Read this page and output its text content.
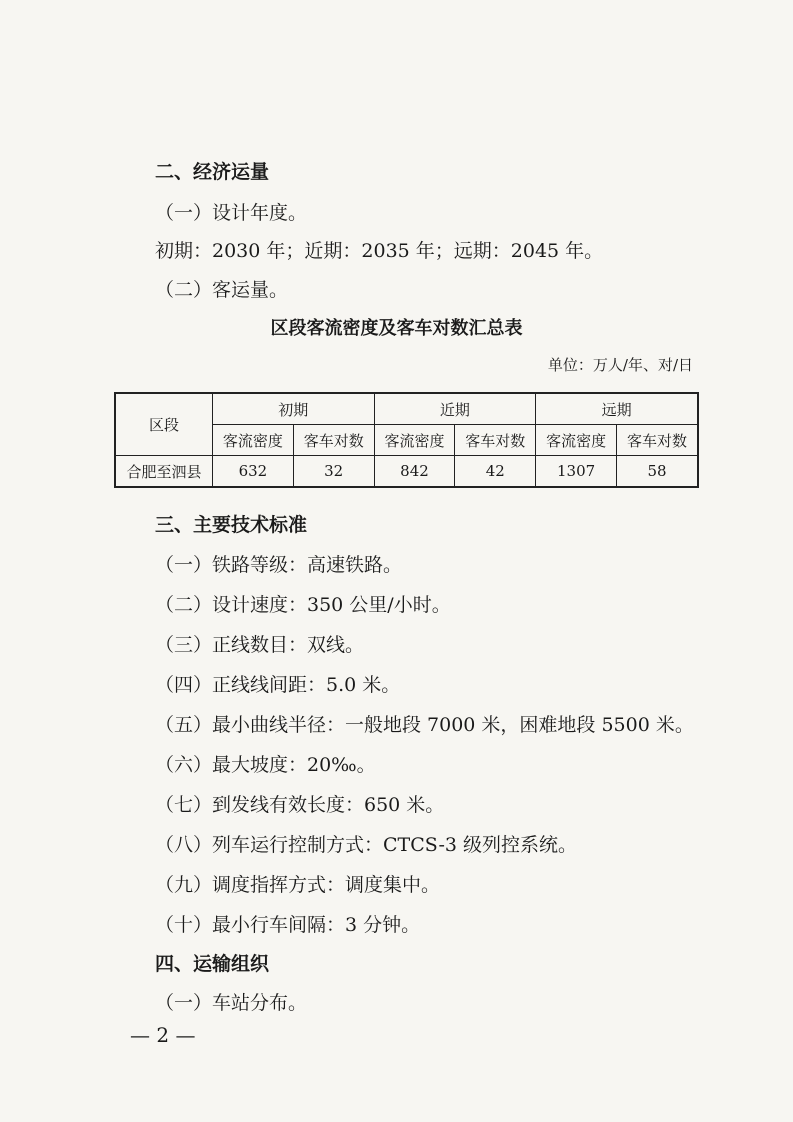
二、经济运量
（一）设计年度。
初期：2030 年；近期：2035 年；远期：2045 年。
（二）客运量。
区段客流密度及客车对数汇总表
单位：万人/年、对/日
区段	初期		近期		远期	
	客流密度	客车对数	客流密度	客车对数	客流密度	客车对数
合肥至泗县	632	32	842	42	1307	58
三、主要技术标准
（一）铁路等级：高速铁路。
（二）设计速度：350 公里/小时。
（三）正线数目：双线。
（四）正线线间距：5.0 米。
（五）最小曲线半径：一般地段 7000 米，困难地段 5500 米。
（六）最大坡度：20‰。
（七）到发线有效长度：650 米。
（八）列车运行控制方式：CTCS-3 级列控系统。
（九）调度指挥方式：调度集中。
（十）最小行车间隔：3 分钟。
四、运输组织
（一）车站分布。
— 2 —
